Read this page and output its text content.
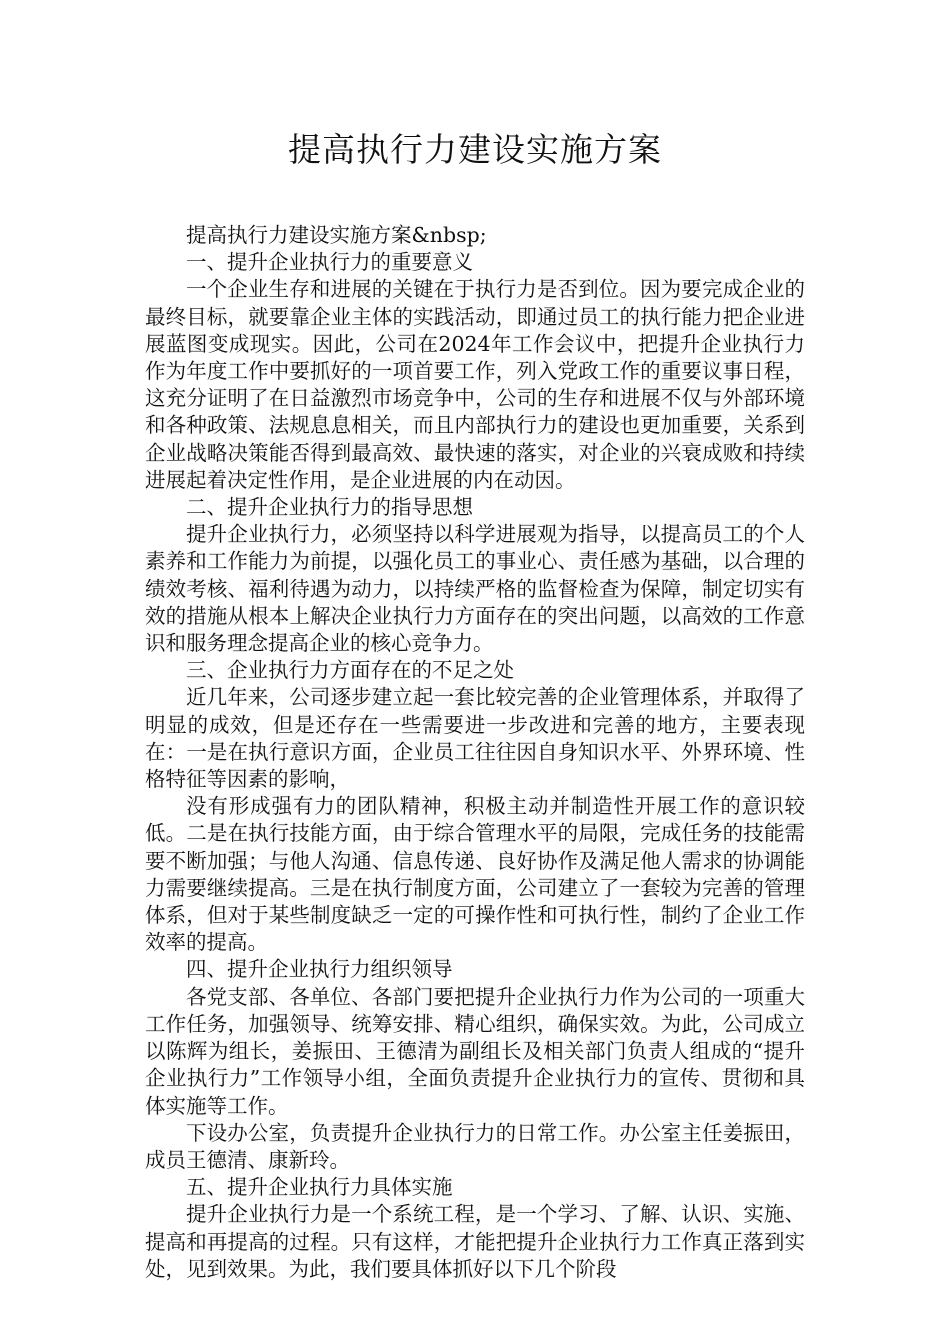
提高执行力建设实施方案

提高执行力建设实施方案&nbsp;

一、提升企业执行力的重要意义

一个企业生存和进展的关键在于执行力是否到位。因为要完成企业的最终目标，就要靠企业主体的实践活动，即通过员工的执行能力把企业进展蓝图变成现实。因此，公司在2024年工作会议中，把提升企业执行力作为年度工作中要抓好的一项首要工作，列入党政工作的重要议事日程，这充分证明了在日益激烈市场竞争中，公司的生存和进展不仅与外部环境和各种政策、法规息息相关，而且内部执行力的建设也更加重要，关系到企业战略决策能否得到最高效、最快速的落实，对企业的兴衰成败和持续进展起着决定性作用，是企业进展的内在动因。

二、提升企业执行力的指导思想

提升企业执行力，必须坚持以科学进展观为指导，以提高员工的个人素养和工作能力为前提，以强化员工的事业心、责任感为基础，以合理的绩效考核、福利待遇为动力，以持续严格的监督检查为保障，制定切实有效的措施从根本上解决企业执行力方面存在的突出问题，以高效的工作意识和服务理念提高企业的核心竞争力。

三、企业执行力方面存在的不足之处

近几年来，公司逐步建立起一套比较完善的企业管理体系，并取得了明显的成效，但是还存在一些需要进一步改进和完善的地方，主要表现在：一是在执行意识方面，企业员工往往因自身知识水平、外界环境、性格特征等因素的影响，

没有形成强有力的团队精神，积极主动并制造性开展工作的意识较低。二是在执行技能方面，由于综合管理水平的局限，完成任务的技能需要不断加强；与他人沟通、信息传递、良好协作及满足他人需求的协调能力需要继续提高。三是在执行制度方面，公司建立了一套较为完善的管理体系，但对于某些制度缺乏一定的可操作性和可执行性，制约了企业工作效率的提高。

四、提升企业执行力组织领导

各党支部、各单位、各部门要把提升企业执行力作为公司的一项重大工作任务，加强领导、统筹安排、精心组织，确保实效。为此，公司成立以陈辉为组长，姜振田、王德清为副组长及相关部门负责人组成的“提升企业执行力”工作领导小组，全面负责提升企业执行力的宣传、贯彻和具体实施等工作。

下设办公室，负责提升企业执行力的日常工作。办公室主任姜振田，成员王德清、康新玲。

五、提升企业执行力具体实施

提升企业执行力是一个系统工程，是一个学习、了解、认识、实施、提高和再提高的过程。只有这样，才能把提升企业执行力工作真正落到实处，见到效果。为此，我们要具体抓好以下几个阶段
